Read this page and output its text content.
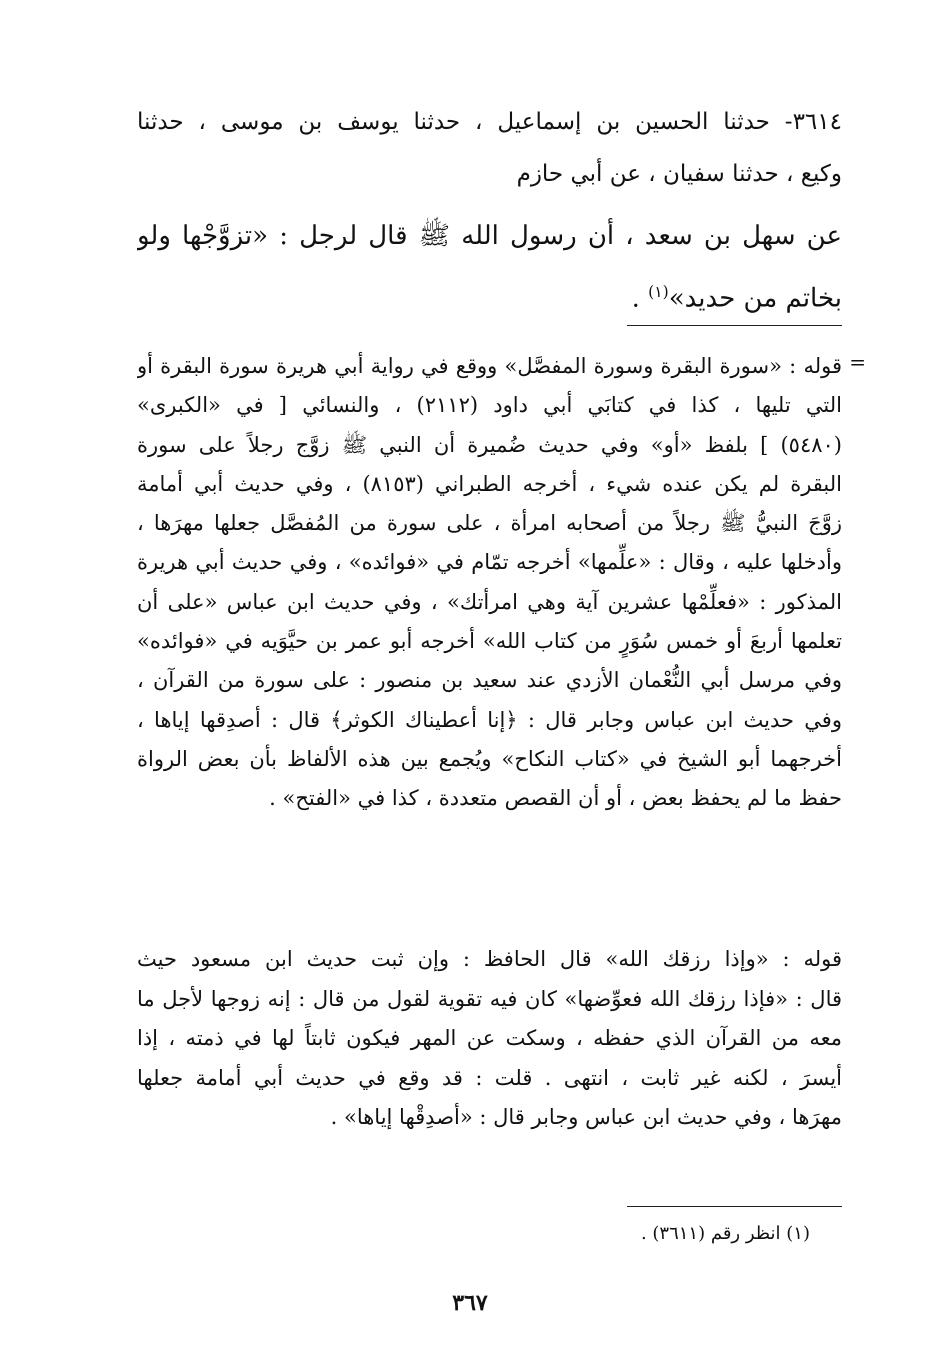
٣٦١٤- حدثنا الحسين بن إسماعيل ، حدثنا يوسف بن موسى ، حدثنا
وكيع ، حدثنا سفيان ، عن أبي حازم
عن سهل بن سعد ، أن رسول الله ﷺ قال لرجل : «تزوَّجْها ولو
بخاتم من حديد»$^{(١)}$ .
=
قوله : «سورة البقرة وسورة المفصَّل» ووقع في رواية أبي هريرة سورة البقرة أو
التي تليها ، كذا في كتابَي أبي داود (٢١١٢) ، والنسائي [ في «الكبرى»
(٥٤٨٠) ] بلفظ «أو» وفي حديث ضُميرة أن النبي ﷺ زوَّج رجلاً على سورة
البقرة لم يكن عنده شيء ، أخرجه الطبراني (٨١٥٣) ، وفي حديث أبي أمامة
زوَّجَ النبيُّ ﷺ رجلاً من أصحابه امرأة ، على سورة من المُفصَّل جعلها مهرَها ،
وأدخلها عليه ، وقال : «علِّمها» أخرجه تمّام في «فوائده» ، وفي حديث أبي هريرة
المذكور : «فعلِّمْها عشرين آية وهي امرأتك» ، وفي حديث ابن عباس «على أن
تعلمها أربعَ أو خمس سُوَرٍ من كتاب الله» أخرجه أبو عمر بن حيَّوَيه في «فوائده»
وفي مرسل أبي النُّعْمان الأزدي عند سعيد بن منصور : على سورة من القرآن ،
وفي حديث ابن عباس وجابر قال : ﴿إنا أعطيناك الكوثر﴾ قال : أصدِقها إياها ،
أخرجهما أبو الشيخ في «كتاب النكاح» ويُجمع بين هذه الألفاظ بأن بعض الرواة
حفظ ما لم يحفظ بعض ، أو أن القصص متعددة ، كذا في «الفتح» .
قوله : «وإذا رزقك الله» قال الحافظ : وإن ثبت حديث ابن مسعود حيث
قال : «فإذا رزقك الله فعوِّضها» كان فيه تقوية لقول من قال : إنه زوجها لأجل ما
معه من القرآن الذي حفظه ، وسكت عن المهر فيكون ثابتاً لها في ذمته ، إذا
أيسرَ ، لكنه غير ثابت ، انتهى . قلت : قد وقع في حديث أبي أمامة جعلها
مهرَها ، وفي حديث ابن عباس وجابر قال : «أصدِقْها إياها» .
(١) انظر رقم (٣٦١١) .
٣٦٧
